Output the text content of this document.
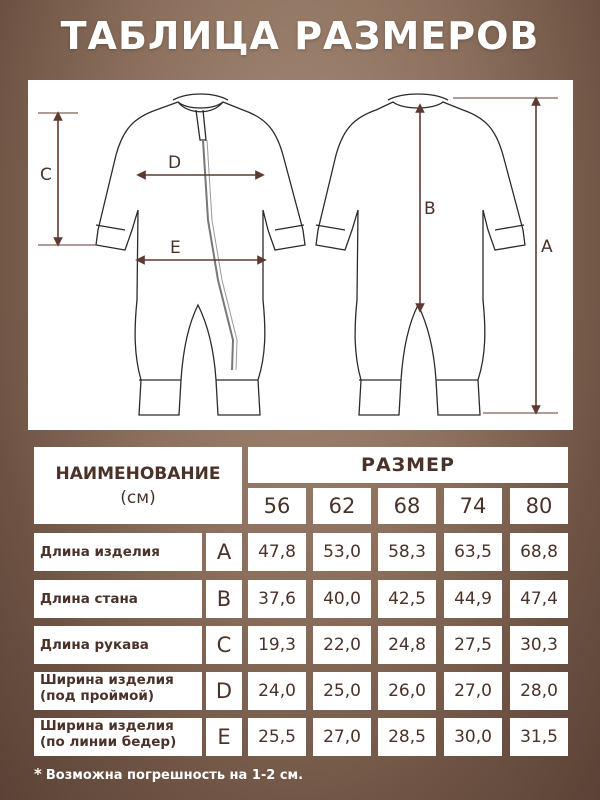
ТАБЛИЦА РАЗМЕРОВ
C
D
E
B
A
НАИМЕНОВАНИЕ
(см)
РАЗМЕР
56	62	68	74	80
Длина изделия	A	47,8	53,0	58,3	63,5	68,8
Длина стана	B	37,6	40,0	42,5	44,9	47,4
Длина рукава	C	19,3	22,0	24,8	27,5	30,3
Ширина изделия
(под проймой)	D	24,0	25,0	26,0	27,0	28,0
Ширина изделия
(по линии бедер)	E	25,5	27,0	28,5	30,0	31,5
* Возможна погрешность на 1-2 см.
